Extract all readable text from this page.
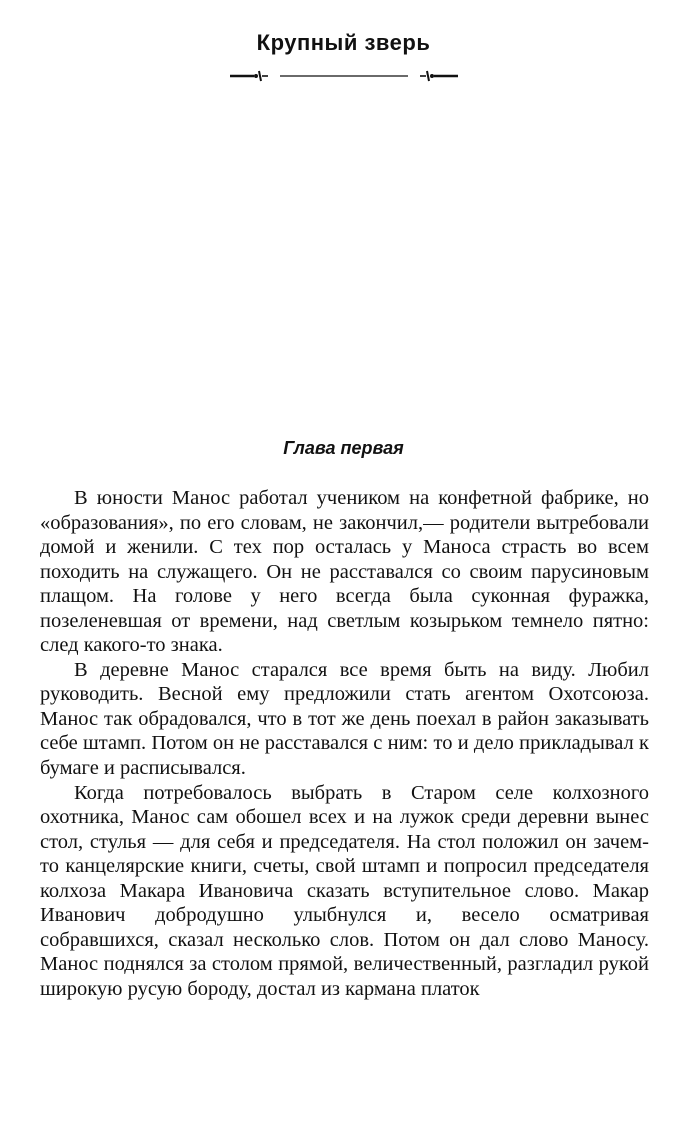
Крупный зверь
Глава первая

В юности Манос работал учеником на конфетной фабрике, но «образования», по его словам, не закончил,— родители вытребовали домой и женили. С тех пор осталась у Маноса страсть во всем походить на служащего. Он не расставался со своим парусиновым плащом. На голове у него всегда была суконная фуражка, позеленевшая от времени, над светлым козырьком темнело пятно: след какого-то знака.

В деревне Манос старался все время быть на виду. Любил руководить. Весной ему предложили стать агентом Охотсоюза. Манос так обрадовался, что в тот же день поехал в район заказывать себе штамп. Потом он не расставался с ним: то и дело прикладывал к бумаге и расписывался.

Когда потребовалось выбрать в Старом селе колхозного охотника, Манос сам обошел всех и на лужок среди деревни вынес стол, стулья — для себя и председателя. На стол положил он зачем-то канцелярские книги, счеты, свой штамп и попросил председателя колхоза Макара Ивановича сказать вступительное слово. Макар Иванович добродушно улыбнулся и, весело осматривая собравшихся, сказал несколько слов. Потом он дал слово Маносу. Манос поднялся за столом прямой, величественный, разгладил рукой широкую русую бороду, достал из кармана платок
